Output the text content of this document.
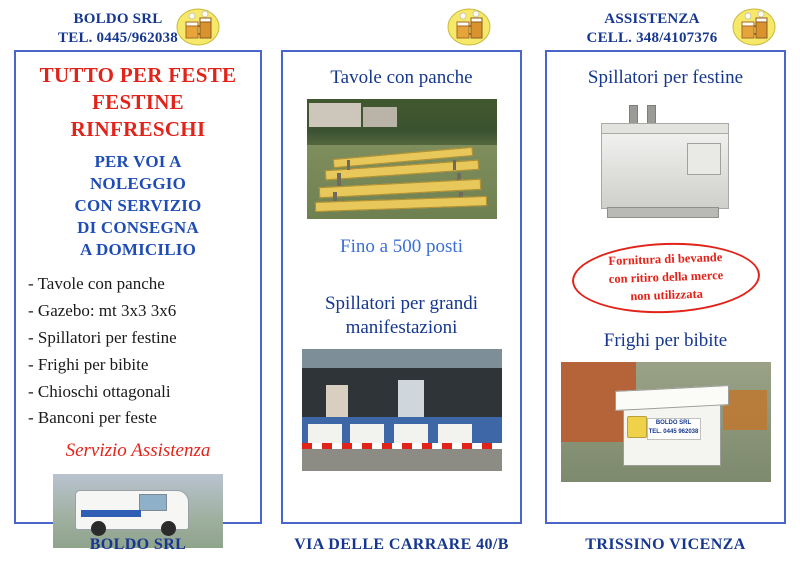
BOLDO SRL
TEL. 0445/962038
ASSISTENZA
CELL. 348/4107376
TUTTO PER FESTE
FESTINE
RINFRESCHI
PER VOI A
NOLEGGIO
CON SERVIZIO
DI CONSEGNA
A DOMICILIO
- Tavole con panche
- Gazebo: mt 3x3 3x6
- Spillatori per festine
- Frighi per bibite
- Chioschi ottagonali
- Banconi per feste
Servizio Assistenza
Tavole con panche
Fino a 500 posti
Spillatori per grandi
manifestazioni
Spillatori per festine
Fornitura di bevande
con ritiro della merce
non utilizzata
Frighi per bibite
BOLDO SRL
TEL. 0445 962038
BOLDO SRL	VIA DELLE CARRARE 40/B	TRISSINO VICENZA
